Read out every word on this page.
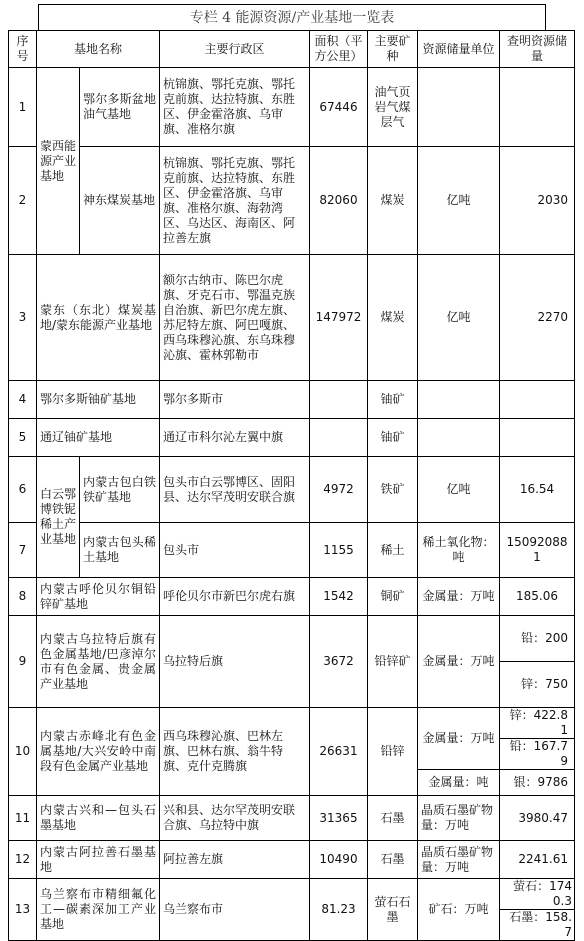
专栏 4 能源资源/产业基地一览表
序号	基地名称		主要行政区	面积（平方公里）	主要矿种	资源储量单位	查明资源储量
1	蒙西能源产业基地	鄂尔多斯盆地油气基地	杭锦旗、鄂托克旗、鄂托克前旗、达拉特旗、东胜区、伊金霍洛旗、乌审旗、准格尔旗	67446	油气页岩气煤层气		
2		神东煤炭基地	杭锦旗、鄂托克旗、鄂托克前旗、达拉特旗、东胜区、伊金霍洛旗、乌审旗、准格尔旗、海勃湾区、乌达区、海南区、阿拉善左旗	82060	煤炭	亿吨	2030
3	蒙东（东北）煤炭基地/蒙东能源产业基地		额尔古纳市、陈巴尔虎旗、牙克石市、鄂温克族自治旗、新巴尔虎左旗、苏尼特左旗、阿巴嘎旗、西乌珠穆沁旗、东乌珠穆沁旗、霍林郭勒市	147972	煤炭	亿吨	2270
4	鄂尔多斯铀矿基地		鄂尔多斯市		铀矿		
5	通辽铀矿基地		通辽市科尔沁左翼中旗		铀矿		
6	白云鄂博铁铌稀土产业基地	内蒙古包白铁铁矿基地	包头市白云鄂博区、固阳县、达尔罕茂明安联合旗	4972	铁矿	亿吨	16.54
7		内蒙古包头稀土基地	包头市	1155	稀土	稀土氧化物：吨	150920881
8	内蒙古呼伦贝尔铜铅锌矿基地		呼伦贝尔市新巴尔虎右旗	1542	铜矿	金属量：万吨	185.06
9	内蒙古乌拉特后旗有色金属基地/巴彦淖尔市有色金属、贵金属产业基地		乌拉特后旗	3672	铅锌矿	金属量：万吨	铅：200
							锌：750
10	内蒙古赤峰北有色金属基地/大兴安岭中南段有色金属产业基地		西乌珠穆沁旗、巴林左旗、巴林右旗、翁牛特旗、克什克腾旗	26631	铅锌	金属量：万吨	锌：422.81
							铅：167.79
						金属量：吨	银：9786
11	内蒙古兴和—包头石墨基地		兴和县、达尔罕茂明安联合旗、乌拉特中旗	31365	石墨	晶质石墨矿物量：万吨	3980.47
12	内蒙古阿拉善石墨基地		阿拉善左旗	10490	石墨	晶质石墨矿物量：万吨	2241.61
13	乌兰察布市精细氟化工—碳素深加工产业基地		乌兰察布市	81.23	萤石石墨	矿石：万吨	萤石：1740.3
							石墨：158.7
